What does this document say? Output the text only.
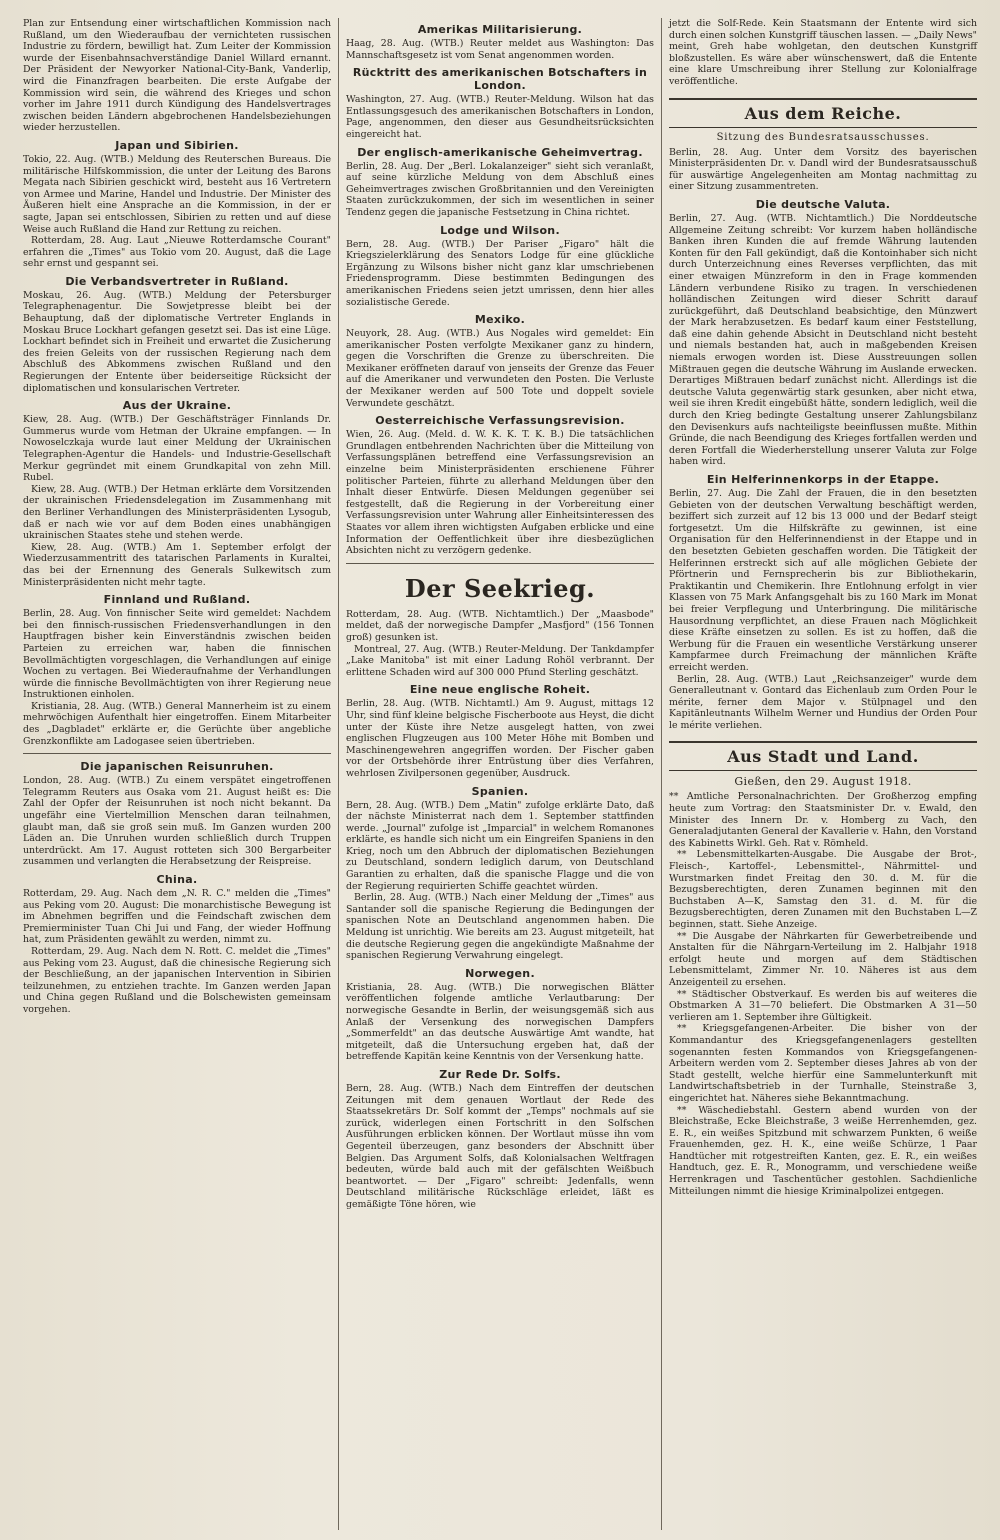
Plan zur Entsendung einer wirtschaftlichen Kommission nach Rußland, um den Wiederaufbau der vernichteten russischen Industrie zu fördern, bewilligt hat. Zum Leiter der Kommission wurde der Eisenbahnsachverständige Daniel Willard ernannt. Der Präsident der Newyorker National-City-Bank, Vanderlip, wird die Finanzfragen bearbeiten. Die erste Aufgabe der Kommission wird sein, die während des Krieges und schon vorher im Jahre 1911 durch Kündigung des Handelsvertrages zwischen beiden Ländern abgebrochenen Handelsbeziehungen wieder herzustellen.

Japan und Sibirien.

Tokio, 22. Aug. (WTB.) Meldung des Reuterschen Bureaus. Die militärische Hilfskommission, die unter der Leitung des Barons Megata nach Sibirien geschickt wird, besteht aus 16 Vertretern von Armee und Marine, Handel und Industrie. Der Minister des Äußeren hielt eine Ansprache an die Kommission, in der er sagte, Japan sei entschlossen, Sibirien zu retten und auf diese Weise auch Rußland die Hand zur Rettung zu reichen.

Rotterdam, 28. Aug. Laut „Nieuwe Rotterdamsche Courant" erfahren die „Times" aus Tokio vom 20. August, daß die Lage sehr ernst und gespannt sei.

Die Verbandsvertreter in Rußland.

Moskau, 26. Aug. (WTB.) Meldung der Petersburger Telegraphenagentur. Die Sowjetpresse bleibt bei der Behauptung, daß der diplomatische Vertreter Englands in Moskau Bruce Lockhart gefangen gesetzt sei. Das ist eine Lüge. Lockhart befindet sich in Freiheit und erwartet die Zusicherung des freien Geleits von der russischen Regierung nach dem Abschluß des Abkommens zwischen Rußland und den Regierungen der Entente über beiderseitige Rücksicht der diplomatischen und konsularischen Vertreter.

Aus der Ukraine.

Kiew, 28. Aug. (WTB.) Der Geschäftsträger Finnlands Dr. Gummerus wurde vom Hetman der Ukraine empfangen. — In Nowoselczkaja wurde laut einer Meldung der Ukrainischen Telegraphen-Agentur die Handels- und Industrie-Gesellschaft Merkur gegründet mit einem Grundkapital von zehn Mill. Rubel.

Kiew, 28. Aug. (WTB.) Der Hetman erklärte dem Vorsitzenden der ukrainischen Friedensdelegation im Zusammenhang mit den Berliner Verhandlungen des Ministerpräsidenten Lysogub, daß er nach wie vor auf dem Boden eines unabhängigen ukrainischen Staates stehe und stehen werde.

Kiew, 28. Aug. (WTB.) Am 1. September erfolgt der Wiederzusammentritt des tatarischen Parlaments in Kuraltei, das bei der Ernennung des Generals Sulkewitsch zum Ministerpräsidenten nicht mehr tagte.

Finnland und Rußland.

Berlin, 28. Aug. Von finnischer Seite wird gemeldet: Nachdem bei den finnisch-russischen Friedensverhandlungen in den Hauptfragen bisher kein Einverständnis zwischen beiden Parteien zu erreichen war, haben die finnischen Bevollmächtigten vorgeschlagen, die Verhandlungen auf einige Wochen zu vertagen. Bei Wiederaufnahme der Verhandlungen würde die finnische Bevollmächtigten von ihrer Regierung neue Instruktionen einholen.

Kristiania, 28. Aug. (WTB.) General Mannerheim ist zu einem mehrwöchigen Aufenthalt hier eingetroffen. Einem Mitarbeiter des „Dagbladet" erklärte er, die Gerüchte über angebliche Grenzkonflikte am Ladogasee seien übertrieben.

Die japanischen Reisunruhen.

London, 28. Aug. (WTB.) Zu einem verspätet eingetroffenen Telegramm Reuters aus Osaka vom 21. August heißt es: Die Zahl der Opfer der Reisunruhen ist noch nicht bekannt. Da ungefähr eine Viertelmillion Menschen daran teilnahmen, glaubt man, daß sie groß sein muß. Im Ganzen wurden 200 Läden an. Die Unruhen wurden schließlich durch Truppen unterdrückt. Am 17. August rotteten sich 300 Bergarbeiter zusammen und verlangten die Herabsetzung der Reispreise.

China.

Rotterdam, 29. Aug. Nach dem „N. R. C." melden die „Times" aus Peking vom 20. August: Die monarchistische Bewegung ist im Abnehmen begriffen und die Feindschaft zwischen dem Premierminister Tuan Chi Jui und Fang, der wieder Hoffnung hat, zum Präsidenten gewählt zu werden, nimmt zu.

Rotterdam, 29. Aug. Nach dem N. Rott. C. meldet die „Times" aus Peking vom 23. August, daß die chinesische Regierung sich der Beschließung, an der japanischen Intervention in Sibirien teilzunehmen, zu entziehen trachte. Im Ganzen werden Japan und China gegen Rußland und die Bolschewisten gemeinsam vorgehen.

Amerikas Militarisierung.

Haag, 28. Aug. (WTB.) Reuter meldet aus Washington: Das Mannschaftsgesetz ist vom Senat angenommen worden.

Rücktritt des amerikanischen Botschafters in London.

Washington, 27. Aug. (WTB.) Reuter-Meldung. Wilson hat das Entlassungsgesuch des amerikanischen Botschafters in London, Page, angenommen, den dieser aus Gesundheitsrücksichten eingereicht hat.

Der englisch-amerikanische Geheimvertrag.

Berlin, 28. Aug. Der „Berl. Lokalanzeiger" sieht sich veranlaßt, auf seine kürzliche Meldung von dem Abschluß eines Geheimvertrages zwischen Großbritannien und den Vereinigten Staaten zurückzukommen, der sich im wesentlichen in seiner Tendenz gegen die japanische Festsetzung in China richtet.

Lodge und Wilson.

Bern, 28. Aug. (WTB.) Der Pariser „Figaro" hält die Kriegszielerklärung des Senators Lodge für eine glückliche Ergänzung zu Wilsons bisher nicht ganz klar umschriebenen Friedensprogramm. Diese bestimmten Bedingungen des amerikanischen Friedens seien jetzt umrissen, denn hier alles sozialistische Gerede.

Mexiko.

Neuyork, 28. Aug. (WTB.) Aus Nogales wird gemeldet: Ein amerikanischer Posten verfolgte Mexikaner ganz zu hindern, gegen die Vorschriften die Grenze zu überschreiten. Die Mexikaner eröffneten darauf von jenseits der Grenze das Feuer auf die Amerikaner und verwundeten den Posten. Die Verluste der Mexikaner werden auf 500 Tote und doppelt soviele Verwundete geschätzt.

Oesterreichische Verfassungsrevision.

Wien, 26. Aug. (Meld. d. W. K. K. T. K. B.) Die tatsächlichen Grundlagen entbehrenden Nachrichten über die Mitteilung von Verfassungsplänen betreffend eine Verfassungsrevision an einzelne beim Ministerpräsidenten erschienene Führer politischer Parteien, führte zu allerhand Meldungen über den Inhalt dieser Entwürfe. Diesen Meldungen gegenüber sei festgestellt, daß die Regierung in der Vorbereitung einer Verfassungsrevision unter Wahrung aller Einheitsinteressen des Staates vor allem ihren wichtigsten Aufgaben erblicke und eine Information der Oeffentlichkeit über ihre diesbezüglichen Absichten nicht zu verzögern gedenke.

Der Seekrieg.

Rotterdam, 28. Aug. (WTB. Nichtamtlich.) Der „Maasbode" meldet, daß der norwegische Dampfer „Masfjord" (156 Tonnen groß) gesunken ist.

Montreal, 27. Aug. (WTB.) Reuter-Meldung. Der Tankdampfer „Lake Manitoba" ist mit einer Ladung Rohöl verbrannt. Der erlittene Schaden wird auf 300 000 Pfund Sterling geschätzt.

Eine neue englische Roheit.

Berlin, 28. Aug. (WTB. Nichtamtl.) Am 9. August, mittags 12 Uhr, sind fünf kleine belgische Fischerboote aus Heyst, die dicht unter der Küste ihre Netze ausgelegt hatten, von zwei englischen Flugzeugen aus 100 Meter Höhe mit Bomben und Maschinengewehren angegriffen worden. Der Fischer gaben vor der Ortsbehörde ihrer Entrüstung über dies Verfahren, wehrlosen Zivilpersonen gegenüber, Ausdruck.

Spanien.

Bern, 28. Aug. (WTB.) Dem „Matin" zufolge erklärte Dato, daß der nächste Ministerrat nach dem 1. September stattfinden werde. „Journal" zufolge ist „Imparcial" in welchem Romanones erklärte, es handle sich nicht um ein Eingreifen Spaniens in den Krieg, noch um den Abbruch der diplomatischen Beziehungen zu Deutschland, sondern lediglich darum, von Deutschland Garantien zu erhalten, daß die spanische Flagge und die von der Regierung requirierten Schiffe geachtet würden.

Berlin, 28. Aug. (WTB.) Nach einer Meldung der „Times" aus Santander soll die spanische Regierung die Bedingungen der spanischen Note an Deutschland angenommen haben. Die Meldung ist unrichtig. Wie bereits am 23. August mitgeteilt, hat die deutsche Regierung gegen die angekündigte Maßnahme der spanischen Regierung Verwahrung eingelegt.

Norwegen.

Kristiania, 28. Aug. (WTB.) Die norwegischen Blätter veröffentlichen folgende amtliche Verlautbarung: Der norwegische Gesandte in Berlin, der weisungsgemäß sich aus Anlaß der Versenkung des norwegischen Dampfers „Sommerfeldt" an das deutsche Auswärtige Amt wandte, hat mitgeteilt, daß die Untersuchung ergeben hat, daß der betreffende Kapitän keine Kenntnis von der Versenkung hatte.

Zur Rede Dr. Solfs.

Bern, 28. Aug. (WTB.) Nach dem Eintreffen der deutschen Zeitungen mit dem genauen Wortlaut der Rede des Staatssekretärs Dr. Solf kommt der „Temps" nochmals auf sie zurück, widerlegen einen Fortschritt in den Solfschen Ausführungen erblicken können. Der Wortlaut müsse ihn vom Gegenteil überzeugen, ganz besonders der Abschnitt über Belgien. Das Argument Solfs, daß Kolonialsachen Weltfragen bedeuten, würde bald auch mit der gefälschten Weißbuch beantwortet. — Der „Figaro" schreibt: Jedenfalls, wenn Deutschland militärische Rückschläge erleidet, läßt es gemäßigte Töne hören, wie

jetzt die Solf-Rede. Kein Staatsmann der Entente wird sich durch einen solchen Kunstgriff täuschen lassen. — „Daily News" meint, Greh habe wohlgetan, den deutschen Kunstgriff bloßzustellen. Es wäre aber wünschenswert, daß die Entente eine klare Umschreibung ihrer Stellung zur Kolonialfrage veröffentliche.

Aus dem Reiche.
Sitzung des Bundesratsausschusses.

Berlin, 28. Aug. Unter dem Vorsitz des bayerischen Ministerpräsidenten Dr. v. Dandl wird der Bundesratsausschuß für auswärtige Angelegenheiten am Montag nachmittag zu einer Sitzung zusammentreten.

Die deutsche Valuta.

Berlin, 27. Aug. (WTB. Nichtamtlich.) Die Norddeutsche Allgemeine Zeitung schreibt: Vor kurzem haben holländische Banken ihren Kunden die auf fremde Währung lautenden Konten für den Fall gekündigt, daß die Kontoinhaber sich nicht durch Unterzeichnung eines Reverses verpflichten, das mit einer etwaigen Münzreform in den in Frage kommenden Ländern verbundene Risiko zu tragen. In verschiedenen holländischen Zeitungen wird dieser Schritt darauf zurückgeführt, daß Deutschland beabsichtige, den Münzwert der Mark herabzusetzen. Es bedarf kaum einer Feststellung, daß eine dahin gehende Absicht in Deutschland nicht besteht und niemals bestanden hat, auch in maßgebenden Kreisen niemals erwogen worden ist. Diese Ausstreuungen sollen Mißtrauen gegen die deutsche Währung im Auslande erwecken. Derartiges Mißtrauen bedarf zunächst nicht. Allerdings ist die deutsche Valuta gegenwärtig stark gesunken, aber nicht etwa, weil sie ihren Kredit eingebüßt hätte, sondern lediglich, weil die durch den Krieg bedingte Gestaltung unserer Zahlungsbilanz den Devisenkurs aufs nachteiligste beeinflussen mußte. Mithin Gründe, die nach Beendigung des Krieges fortfallen werden und deren Fortfall die Wiederherstellung unserer Valuta zur Folge haben wird.

Ein Helferinnenkorps in der Etappe.

Berlin, 27. Aug. Die Zahl der Frauen, die in den besetzten Gebieten von der deutschen Verwaltung beschäftigt werden, beziffert sich zurzeit auf 12 bis 13 000 und der Bedarf steigt fortgesetzt. Um die Hilfskräfte zu gewinnen, ist eine Organisation für den Helferinnendienst in der Etappe und in den besetzten Gebieten geschaffen worden. Die Tätigkeit der Helferinnen erstreckt sich auf alle möglichen Gebiete der Pförtnerin und Fernsprecherin bis zur Bibliothekarin, Praktikantin und Chemikerin. Ihre Entlohnung erfolgt in vier Klassen von 75 Mark Anfangsgehalt bis zu 160 Mark im Monat bei freier Verpflegung und Unterbringung. Die militärische Hausordnung verpflichtet, an diese Frauen nach Möglichkeit diese Kräfte einsetzen zu sollen. Es ist zu hoffen, daß die Werbung für die Frauen ein wesentliche Verstärkung unserer Kampfarmee durch Freimachung der männlichen Kräfte erreicht werden.

Berlin, 28. Aug. (WTB.) Laut „Reichsanzeiger" wurde dem Generalleutnant v. Gontard das Eichenlaub zum Orden Pour le mérite, ferner dem Major v. Stülpnagel und den Kapitänleutnants Wilhelm Werner und Hundius der Orden Pour le mérite verliehen.

Aus Stadt und Land.
Gießen, den 29. August 1918.

** Amtliche Personalnachrichten. Der Großherzog empfing heute zum Vortrag: den Staatsminister Dr. v. Ewald, den Minister des Innern Dr. v. Homberg zu Vach, den Generaladjutanten General der Kavallerie v. Hahn, den Vorstand des Kabinetts Wirkl. Geh. Rat v. Römheld.

** Lebensmittelkarten-Ausgabe. Die Ausgabe der Brot-, Fleisch-, Kartoffel-, Lebensmittel-, Nährmittel- und Wurstmarken findet Freitag den 30. d. M. für die Bezugsberechtigten, deren Zunamen beginnen mit den Buchstaben A—K, Samstag den 31. d. M. für die Bezugsberechtigten, deren Zunamen mit den Buchstaben L—Z beginnen, statt. Siehe Anzeige.

** Die Ausgabe der Nährkarten für Gewerbetreibende und Anstalten für die Nährgarn-Verteilung im 2. Halbjahr 1918 erfolgt heute und morgen auf dem Städtischen Lebensmittelamt, Zimmer Nr. 10. Näheres ist aus dem Anzeigenteil zu ersehen.

** Städtischer Obstverkauf. Es werden bis auf weiteres die Obstmarken A 31—70 beliefert. Die Obstmarken A 31—50 verlieren am 1. September ihre Gültigkeit.

** Kriegsgefangenen-Arbeiter. Die bisher von der Kommandantur des Kriegsgefangenenlagers gestellten sogenannten festen Kommandos von Kriegsgefangenen-Arbeitern werden vom 2. September dieses Jahres ab von der Stadt gestellt, welche hierfür eine Sammelunterkunft mit Landwirtschaftsbetrieb in der Turnhalle, Steinstraße 3, eingerichtet hat. Näheres siehe Bekanntmachung.

** Wäschediebstahl. Gestern abend wurden von der Bleichstraße, Ecke Bleichstraße, 3 weiße Herrenhemden, gez. E. R., ein weißes Spitzbund mit schwarzem Punkten, 6 weiße Frauenhemden, gez. H. K., eine weiße Schürze, 1 Paar Handtücher mit rotgestreiften Kanten, gez. E. R., ein weißes Handtuch, gez. E. R., Monogramm, und verschiedene weiße Herrenkragen und Taschentücher gestohlen. Sachdienliche Mitteilungen nimmt die hiesige Kriminalpolizei entgegen.
